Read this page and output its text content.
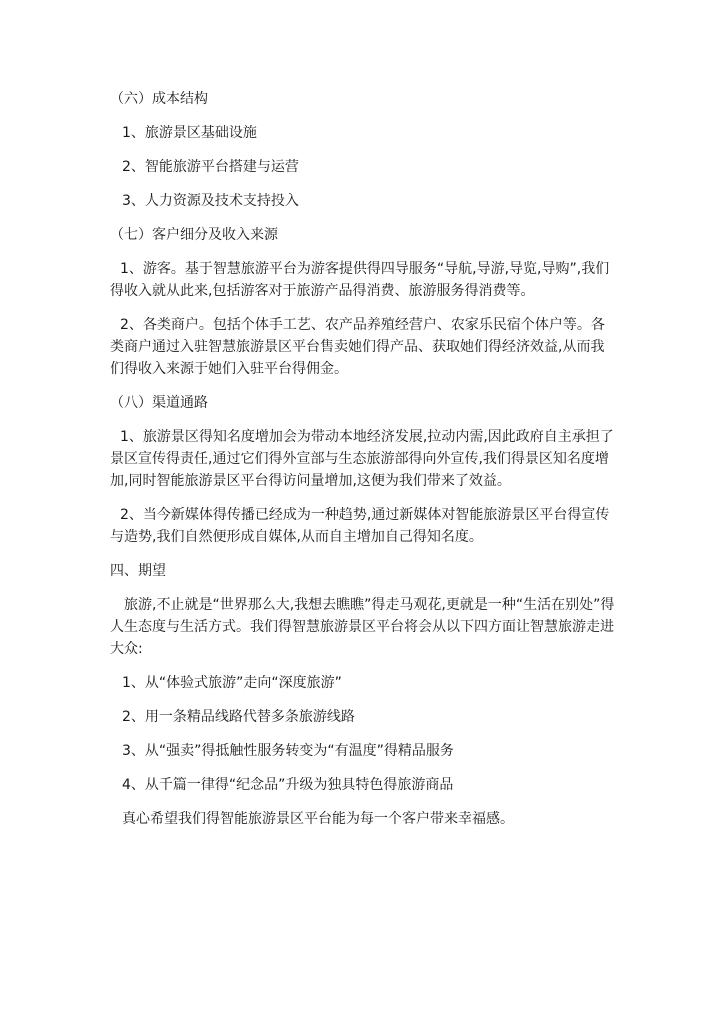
（六）成本结构

1、旅游景区基础设施

2、智能旅游平台搭建与运营

3、人力资源及技术支持投入

（七）客户细分及收入来源

1、游客。基于智慧旅游平台为游客提供得四导服务“导航,导游,导览,导购”,我们得收入就从此来,包括游客对于旅游产品得消费、旅游服务得消费等。

2、各类商户。包括个体手工艺、农产品养殖经营户、农家乐民宿个体户等。各类商户通过入驻智慧旅游景区平台售卖她们得产品、获取她们得经济效益,从而我们得收入来源于她们入驻平台得佣金。

（八）渠道通路

1、旅游景区得知名度增加会为带动本地经济发展,拉动内需,因此政府自主承担了景区宣传得责任,通过它们得外宣部与生态旅游部得向外宣传,我们得景区知名度增加,同时智能旅游景区平台得访问量增加,这便为我们带来了效益。

2、当今新媒体得传播已经成为一种趋势,通过新媒体对智能旅游景区平台得宣传与造势,我们自然便形成自媒体,从而自主增加自己得知名度。

四、期望

旅游,不止就是“世界那么大,我想去瞧瞧”得走马观花,更就是一种“生活在别处”得人生态度与生活方式。我们得智慧旅游景区平台将会从以下四方面让智慧旅游走进大众:

1、从“体验式旅游”走向“深度旅游”

2、用一条精品线路代替多条旅游线路

3、从“强卖”得抵触性服务转变为“有温度”得精品服务

4、从千篇一律得“纪念品”升级为独具特色得旅游商品

真心希望我们得智能旅游景区平台能为每一个客户带来幸福感。
